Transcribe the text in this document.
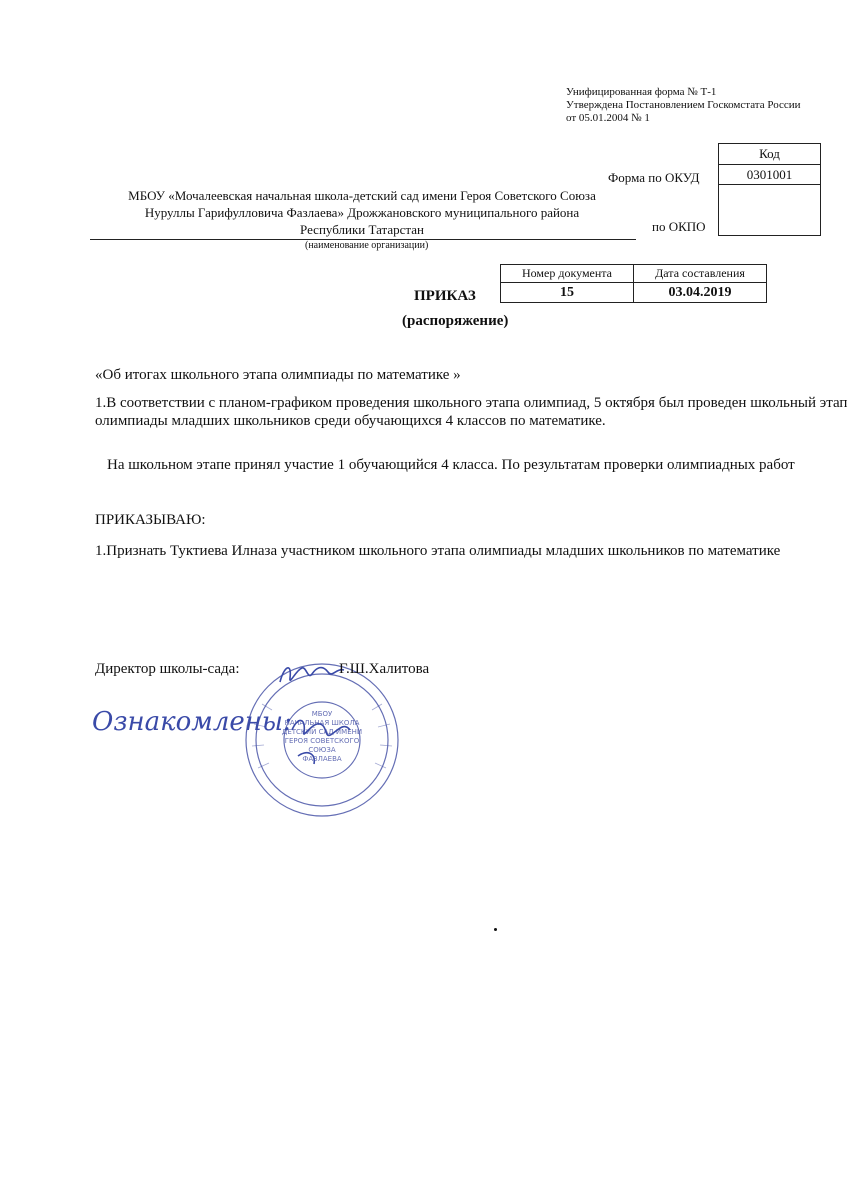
Унифицированная форма № Т-1
Утверждена Постановлением Госкомстата России
от 05.01.2004 № 1
Форма по ОКУД
по ОКПО
Код
0301001

МБОУ «Мочалеевская начальная школа-детский сад имени Героя Советского Союза
Нуруллы Гарифулловича Фазлаева» Дрожжановского муниципального района
Республики Татарстан
(наименование организации)
Номер документа	Дата составления
15	03.04.2019
ПРИКАЗ
(распоряжение)
«Об итогах школьного этапа олимпиады по математике »
1.В соответствии с планом-графиком проведения школьного этапа олимпиад, 5 октября был проведен школьный этап олимпиады младших школьников среди обучающихся 4 классов по математике.
На школьном этапе принял участие 1 обучающийся 4 класса. По результатам проверки олимпиадных работ
ПРИКАЗЫВАЮ:
1.Признать Туктиева Илназа участником школьного этапа олимпиады младших школьников по математике
МБОУ
НАЧАЛЬНАЯ ШКОЛА
ДЕТСКИЙ САД ИМЕНИ
ГЕРОЯ СОВЕТСКОГО
СОЮЗА
ФАЗЛАЕВА
Директор школы-сада:	Г.Ш.Халитова
Ознакомлены:
